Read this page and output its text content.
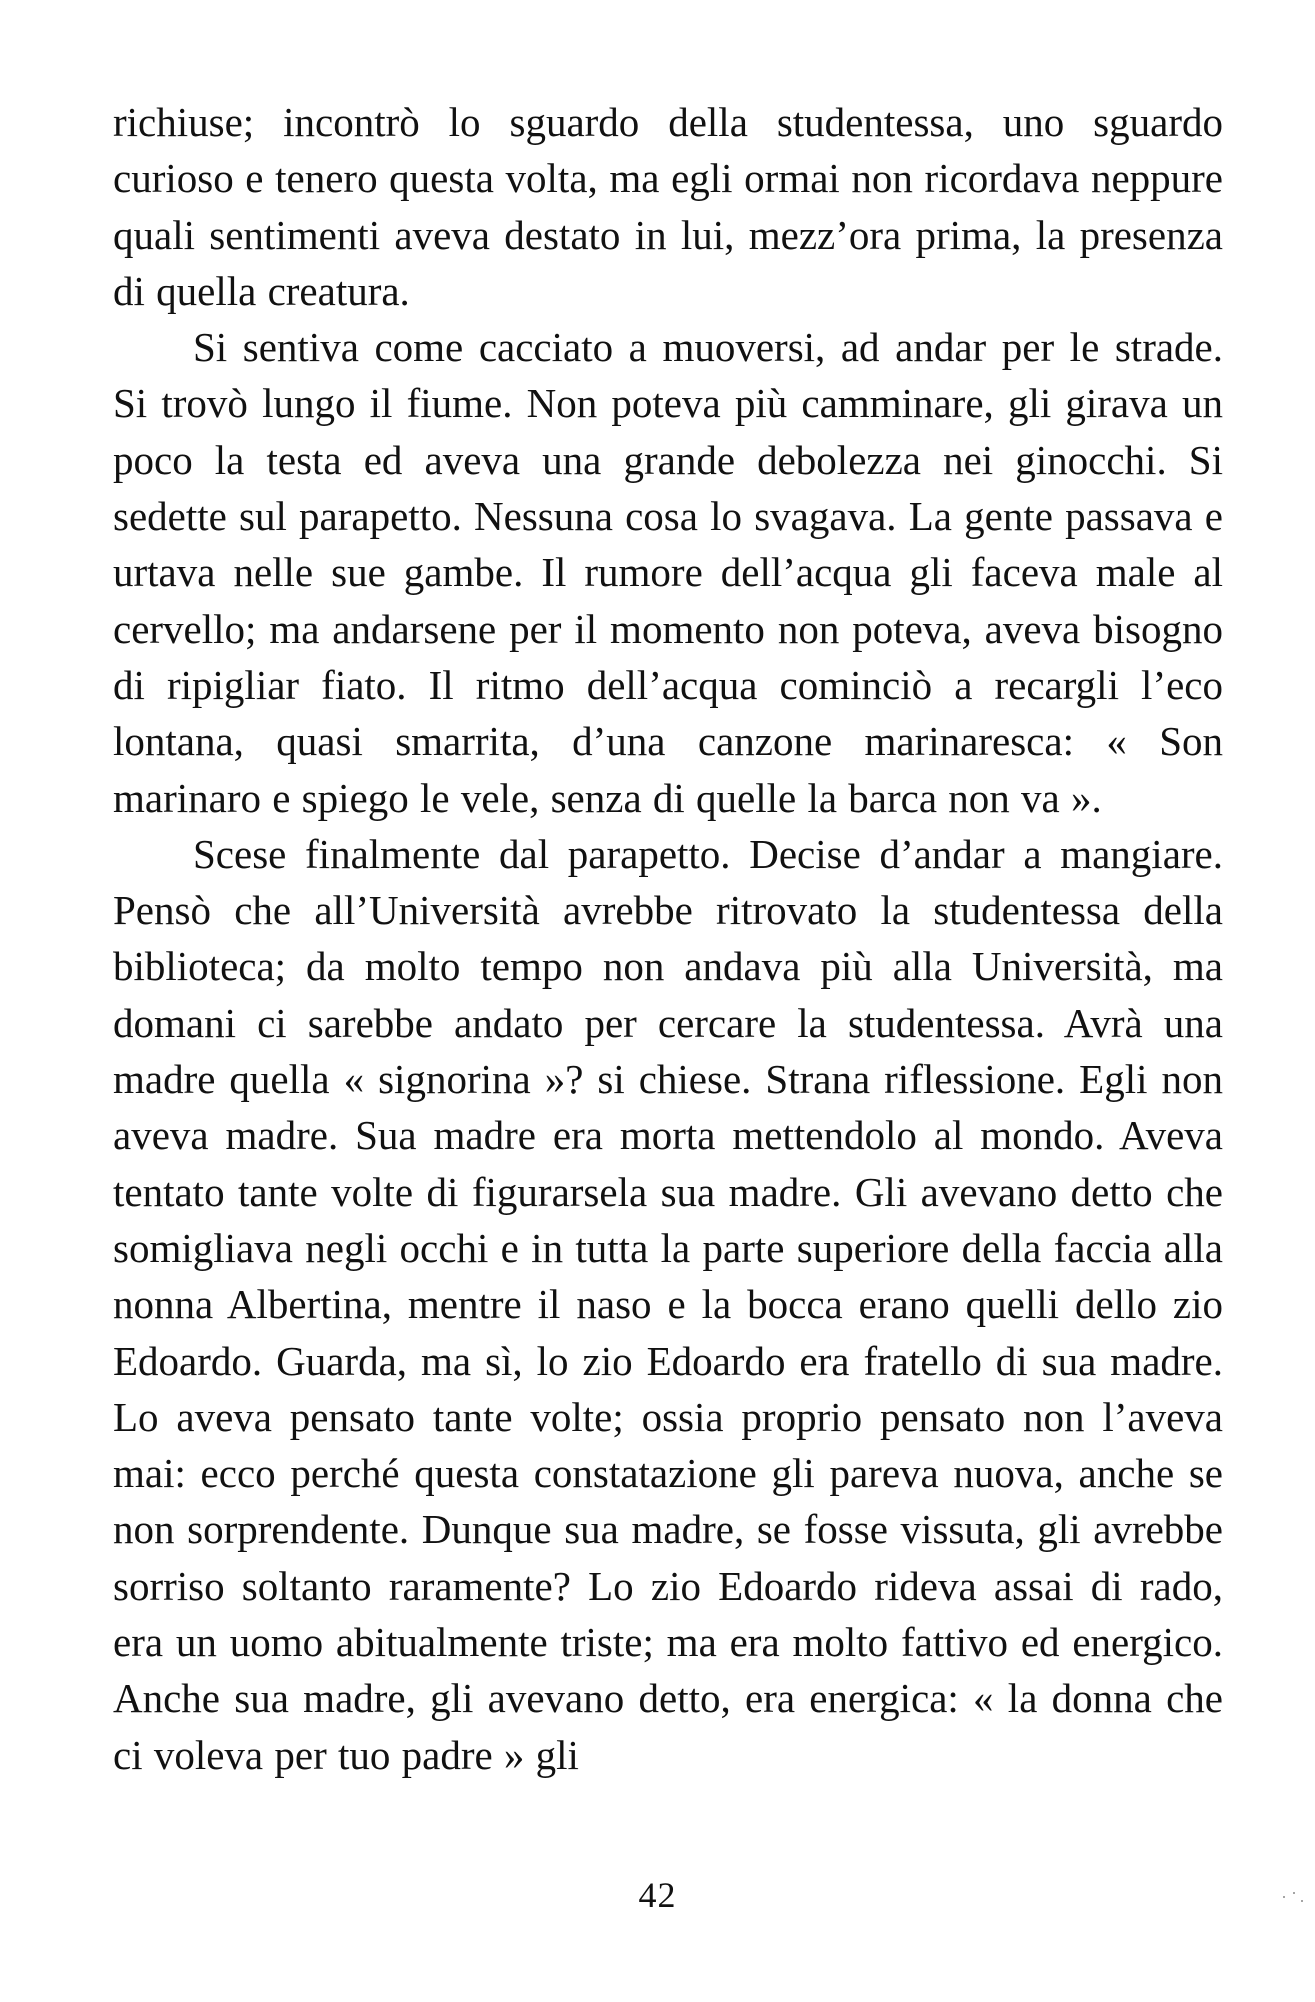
richiuse; incontrò lo sguardo della studentessa, uno sguardo curioso e tenero questa volta, ma egli ormai non ricordava neppure quali sentimenti aveva destato in lui, mezz’ora prima, la presenza di quella creatura.

Si sentiva come cacciato a muoversi, ad andar per le strade. Si trovò lungo il fiume. Non poteva più camminare, gli girava un poco la testa ed aveva una grande debolezza nei ginocchi. Si sedette sul parapetto. Nessuna cosa lo svagava. La gente passava e urtava nelle sue gambe. Il rumore dell’acqua gli faceva male al cervello; ma andarsene per il momento non poteva, aveva bisogno di ripigliar fiato. Il ritmo dell’acqua cominciò a recargli l’eco lontana, quasi smarrita, d’una canzone marinaresca: « Son marinaro e spiego le vele, senza di quelle la barca non va ».

Scese finalmente dal parapetto. Decise d’andar a mangiare. Pensò che all’Università avrebbe ritrovato la studentessa della biblioteca; da molto tempo non andava più alla Università, ma domani ci sarebbe andato per cercare la studentessa. Avrà una madre quella « signorina »? si chiese. Strana riflessione. Egli non aveva madre. Sua madre era morta mettendolo al mondo. Aveva tentato tante volte di figurarsela sua madre. Gli avevano detto che somigliava negli occhi e in tutta la parte superiore della faccia alla nonna Albertina, mentre il naso e la bocca erano quelli dello zio Edoardo. Guarda, ma sì, lo zio Edoardo era fratello di sua madre. Lo aveva pensato tante volte; ossia proprio pensato non l’aveva mai: ecco perché questa constatazione gli pareva nuova, anche se non sorprendente. Dunque sua madre, se fosse vissuta, gli avrebbe sorriso soltanto raramente? Lo zio Edoardo rideva assai di rado, era un uomo abitualmente triste; ma era molto fattivo ed energico. Anche sua madre, gli avevano detto, era energica: « la donna che ci voleva per tuo padre » gli

42
